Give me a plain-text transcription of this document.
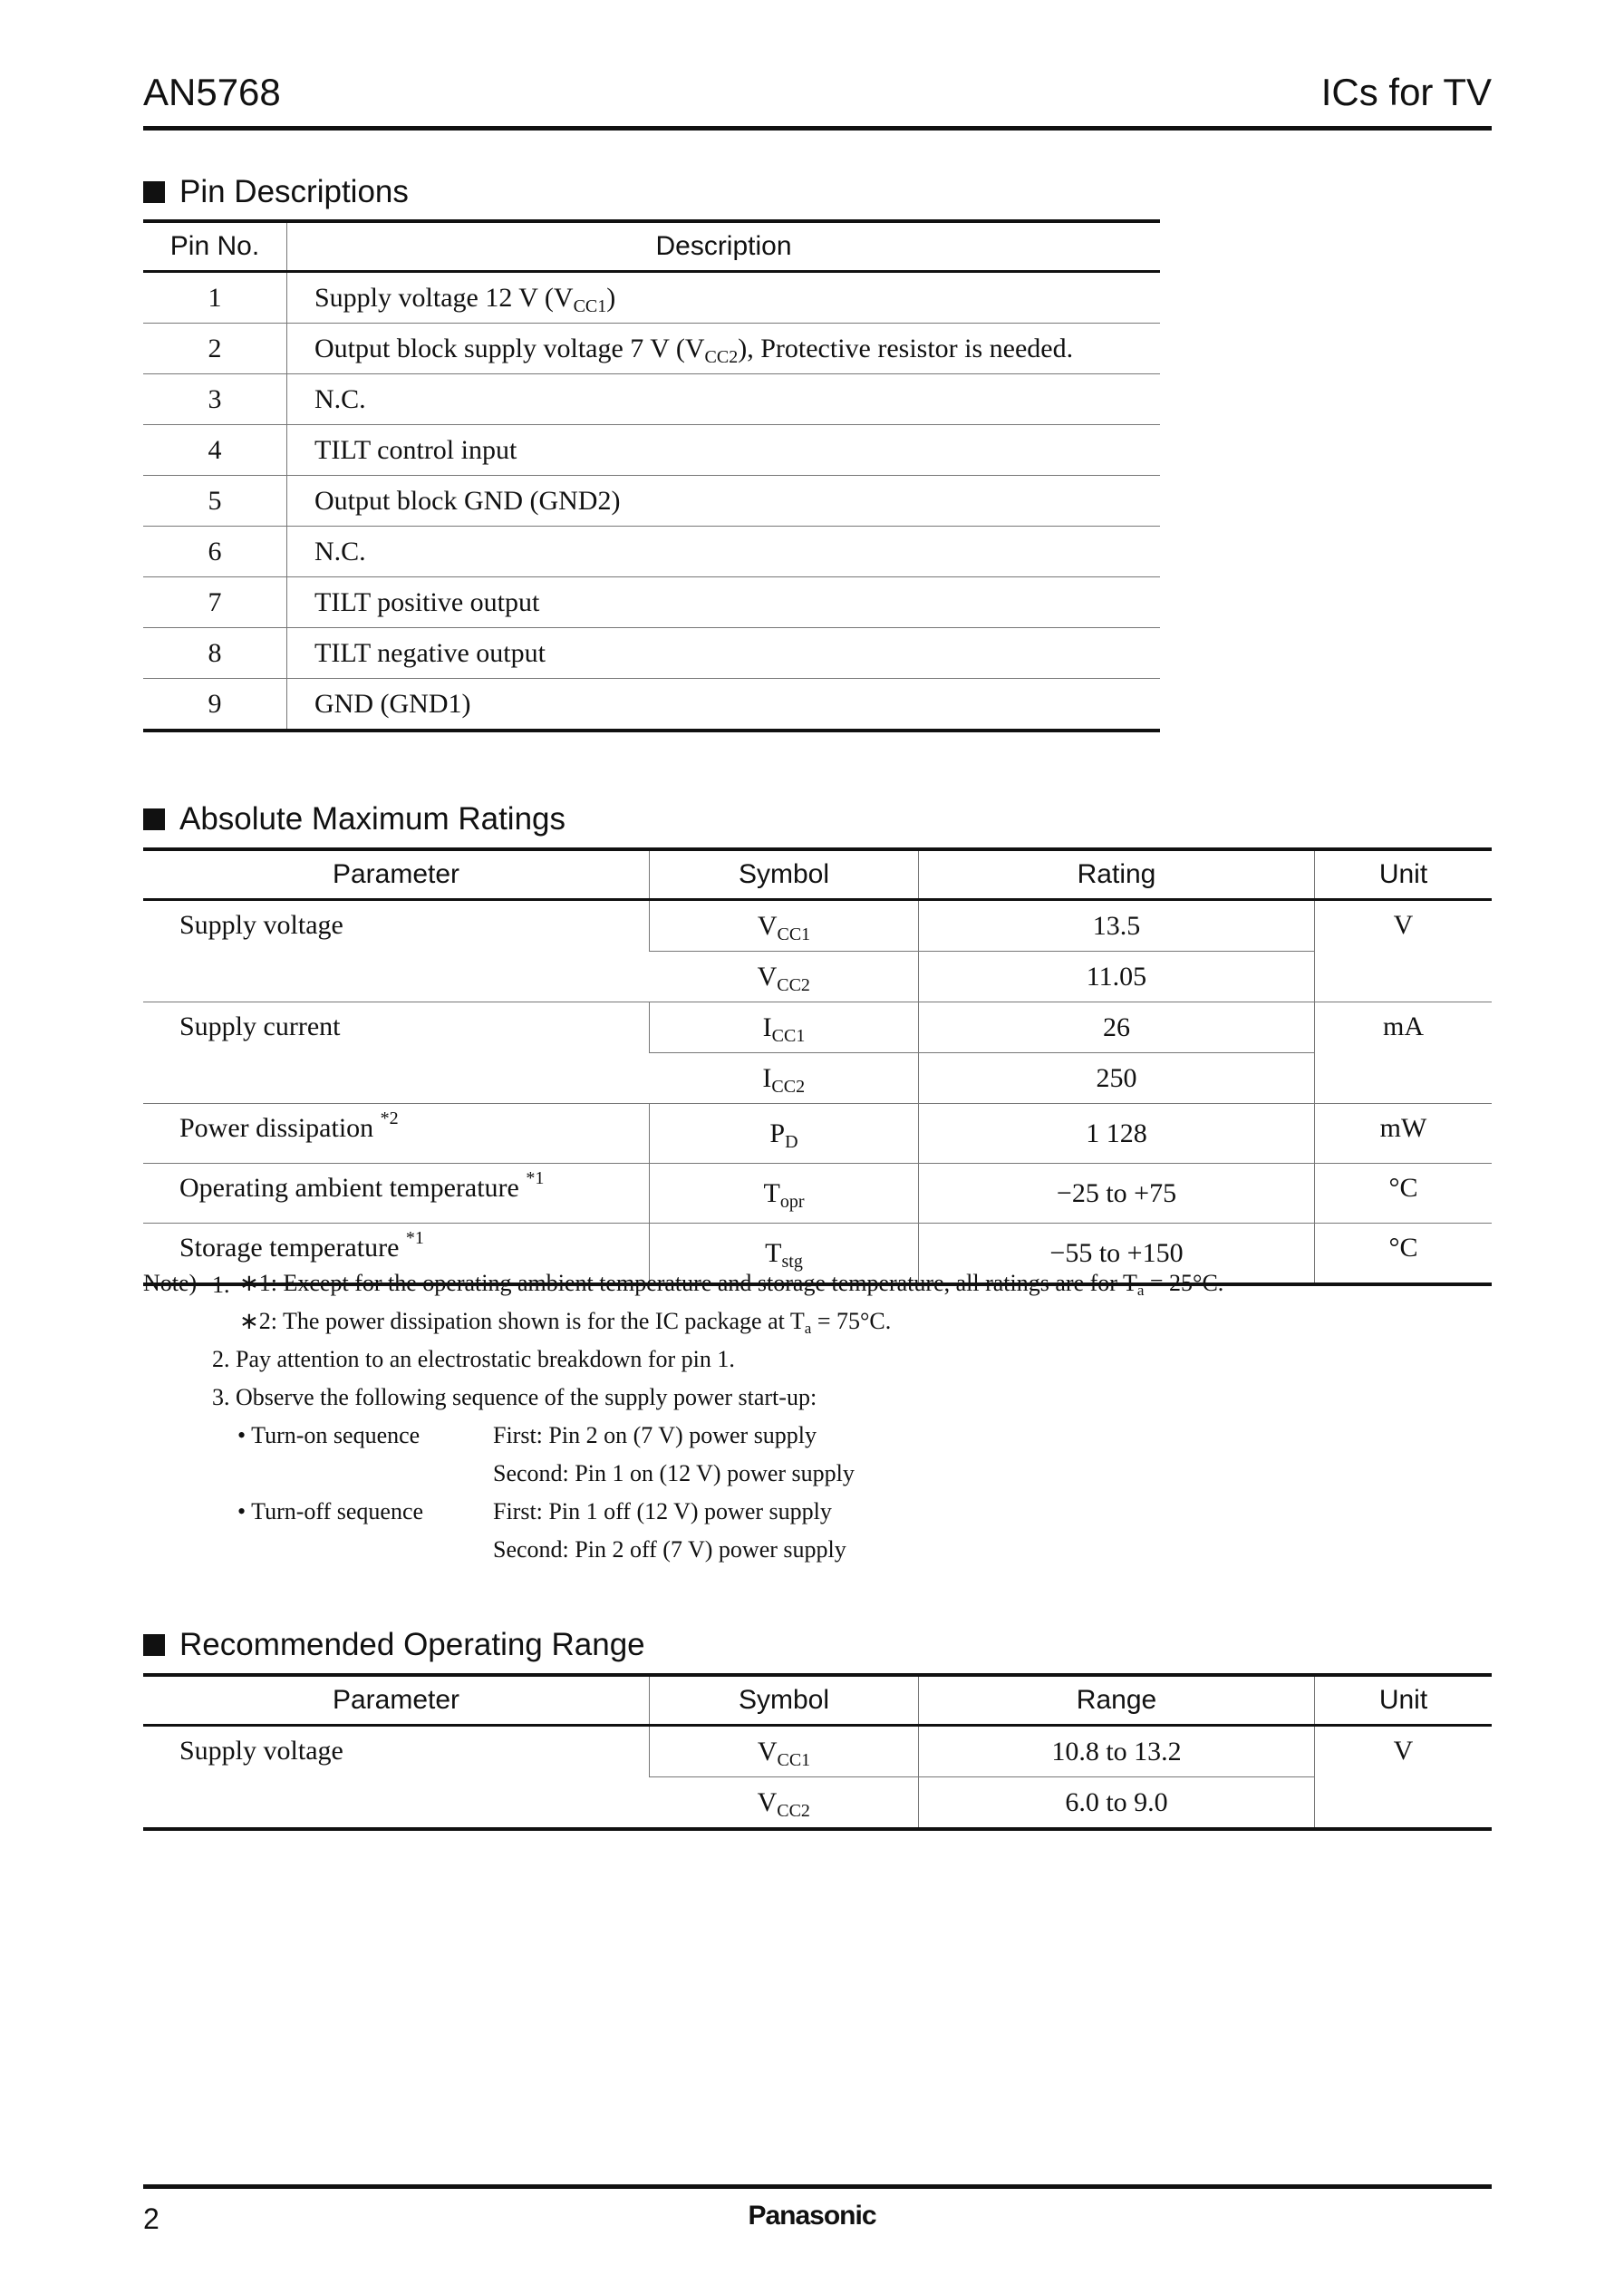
AN5768	ICs for TV
Pin Descriptions
Pin No.	Description
1	Supply voltage 12 V $(V_{CC1})$
2	Output block supply voltage 7 V $(V_{CC2})$, Protective resistor is needed.
3	N.C.
4	TILT control input
5	Output block GND (GND2)
6	N.C.
7	TILT positive output
8	TILT negative output
9	GND (GND1)
Absolute Maximum Ratings
Parameter	Symbol	Rating	Unit
Supply voltage	$V_{CC1}$	13.5	V
	$V_{CC2}$	11.05	
Supply current	$I_{CC1}$	26	mA
	$I_{CC2}$	250	
Power dissipation $^{*2}$	$P_D$	1 128	mW
Operating ambient temperature $^{*1}$	$T_{opr}$	−25 to +75	°C
Storage temperature $^{*1}$	$T_{stg}$	−55 to +150	°C
Note) 1. ∗1: Except for the operating ambient temperature and storage temperature, all ratings are for Ta = 25°C.
∗2: The power dissipation shown is for the IC package at Ta = 75°C.
2. Pay attention to an electrostatic breakdown for pin 1.
3. Observe the following sequence of the supply power start-up:
• Turn-on sequence	First: Pin 2 on (7 V) power supply
Second: Pin 1 on (12 V) power supply
• Turn-off sequence	First: Pin 1 off (12 V) power supply
Second: Pin 2 off (7 V) power supply
Recommended Operating Range
Parameter	Symbol	Range	Unit
Supply voltage	$V_{CC1}$	10.8 to 13.2	V
	$V_{CC2}$	6.0 to 9.0	
2	Panasonic
